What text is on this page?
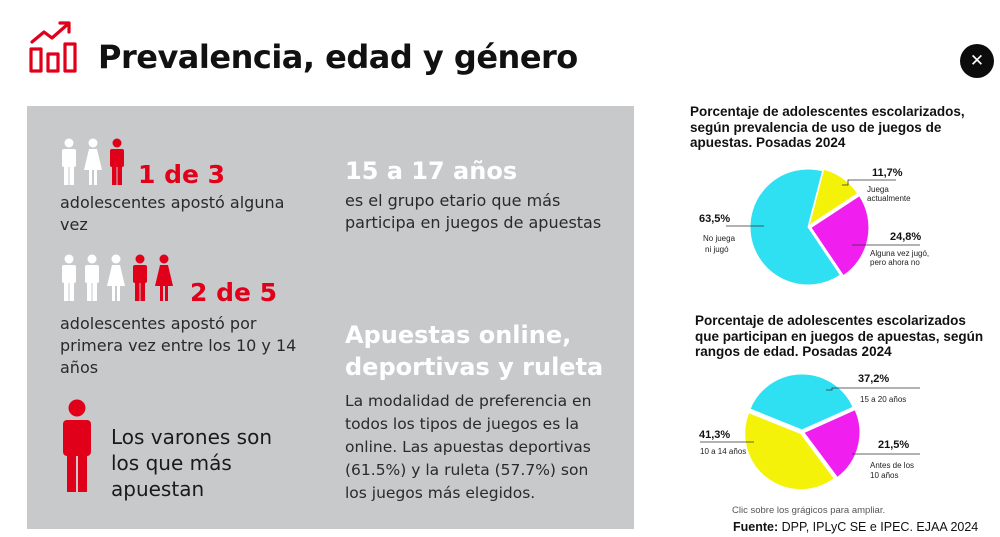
Prevalencia, edad y género	✕
1 de 3
adolescentes apostó alguna vez
2 de 5
adolescentes apostó por primera vez entre los 10 y 14 años
Los varones son los que más apuestan
15 a 17 años
es el grupo etario que más participa en juegos de apuestas
Apuestas online,
deportivas y ruleta
La modalidad de preferencia en todos los tipos de juegos es la online. Las apuestas deportivas (61.5%) y la ruleta (57.7%) son los juegos más elegidos.
Porcentaje de adolescentes escolarizados, según prevalencia de uso de juegos de apuestas. Posadas 2024
63,5%
No juega
ni jugó
11,7%
Juega
actualmente
24,8%
Alguna vez jugó,
pero ahora no
Porcentaje de adolescentes escolarizados que participan en juegos de apuestas, según rangos de edad. Posadas 2024
37,2%
15 a 20 años
21,5%
Antes de los
10 años
41,3%
10 a 14 años
Clic sobre los grágicos para ampliar.
Fuente: DPP, IPLyC SE e IPEC. EJAA 2024
